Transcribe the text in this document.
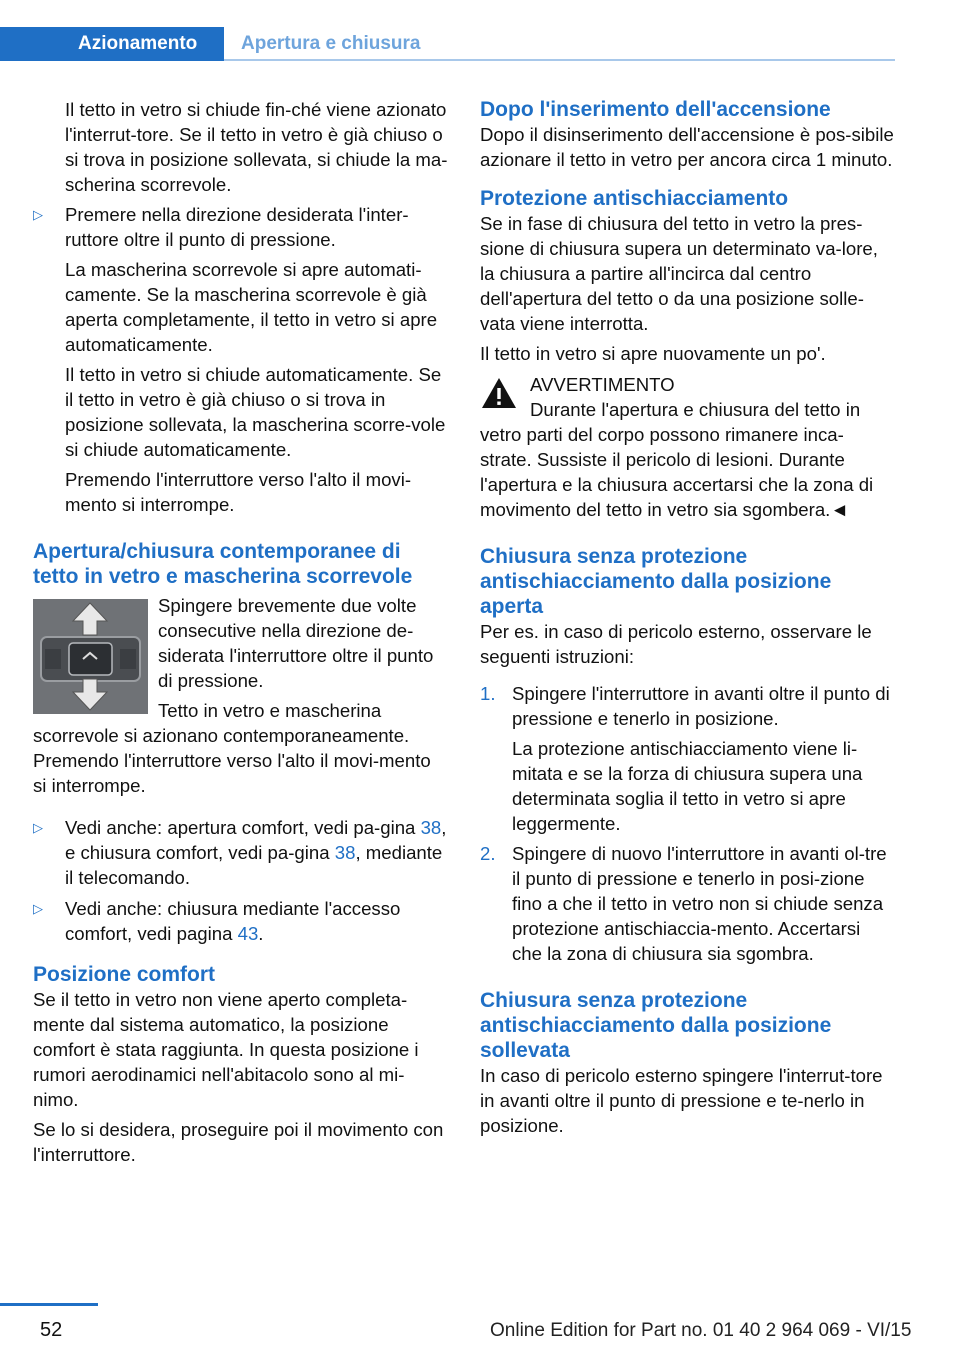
Azionamento	Apertura e chiusura

Il tetto in vetro si chiude fin-ché viene azionato l'interrut-tore. Se il tetto in vetro è già chiuso o si trova in posizione sollevata, si chiude la ma-scherina scorrevole.

▷ Premere nella direzione desiderata l'inter-ruttore oltre il punto di pressione.

La mascherina scorrevole si apre automati-camente. Se la mascherina scorrevole è già aperta completamente, il tetto in vetro si apre automaticamente.

Il tetto in vetro si chiude automaticamente. Se il tetto in vetro è già chiuso o si trova in posizione sollevata, la mascherina scorre-vole si chiude automaticamente.

Premendo l'interruttore verso l'alto il movi-mento si interrompe.

Apertura/chiusura contemporanee di tetto in vetro e mascherina scorrevole

Spingere brevemente due volte consecutive nella direzione de-siderata l'interruttore oltre il punto di pressione.

Tetto in vetro e mascherina scorrevole si azionano contemporaneamente. Premendo l'interruttore verso l'alto il movi-mento si interrompe.

▷ Vedi anche: apertura comfort, vedi pa-gina 38, e chiusura comfort, vedi pa-gina 38, mediante il telecomando.

▷ Vedi anche: chiusura mediante l'accesso comfort, vedi pagina 43.

Posizione comfort

Se il tetto in vetro non viene aperto completa-mente dal sistema automatico, la posizione comfort è stata raggiunta. In questa posizione i rumori aerodinamici nell'abitacolo sono al mi-nimo.

Se lo si desidera, proseguire poi il movimento con l'interruttore.

Dopo l'inserimento dell'accensione

Dopo il disinserimento dell'accensione è pos-sibile azionare il tetto in vetro per ancora circa 1 minuto.

Protezione antischiacciamento

Se in fase di chiusura del tetto in vetro la pres-sione di chiusura supera un determinato va-lore, la chiusura a partire all'incirca dal centro dell'apertura del tetto o da una posizione solle-vata viene interrotta.

Il tetto in vetro si apre nuovamente un po'.

AVVERTIMENTO

Durante l'apertura e chiusura del tetto in

vetro parti del corpo possono rimanere inca-strate. Sussiste il pericolo di lesioni. Durante l'apertura e la chiusura accertarsi che la zona di movimento del tetto in vetro sia sgombera.◄

Chiusura senza protezione antischiacciamento dalla posizione aperta

Per es. in caso di pericolo esterno, osservare le seguenti istruzioni:

1. Spingere l'interruttore in avanti oltre il punto di pressione e tenerlo in posizione.

La protezione antischiacciamento viene li-mitata e se la forza di chiusura supera una determinata soglia il tetto in vetro si apre leggermente.

2. Spingere di nuovo l'interruttore in avanti ol-tre il punto di pressione e tenerlo in posi-zione fino a che il tetto in vetro non si chiude senza protezione antischiaccia-mento. Accertarsi che la zona di chiusura sia sgombra.

Chiusura senza protezione antischiacciamento dalla posizione sollevata

In caso di pericolo esterno spingere l'interrut-tore in avanti oltre il punto di pressione e te-nerlo in posizione.

52	Online Edition for Part no. 01 40 2 964 069 - VI/15
